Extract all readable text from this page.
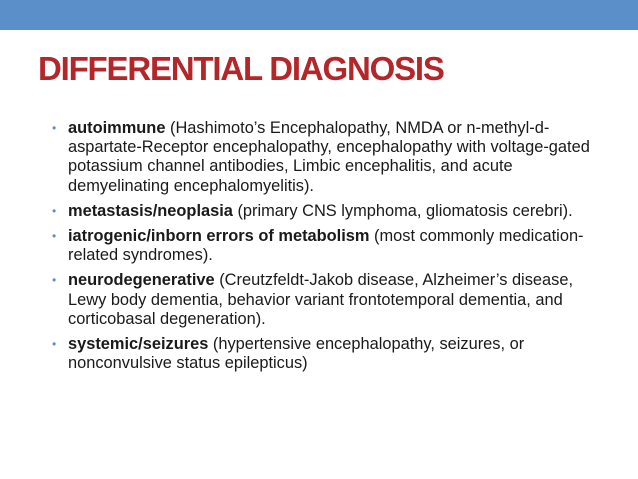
DIFFERENTIAL DIAGNOSIS
• autoimmune (Hashimoto’s Encephalopathy, NMDA or n-methyl-d-aspartate-Receptor encephalopathy, encephalopathy with voltage-gated potassium channel antibodies, Limbic encephalitis, and acute demyelinating encephalomyelitis).
• metastasis/neoplasia (primary CNS lymphoma, gliomatosis cerebri).
• iatrogenic/inborn errors of metabolism (most commonly medication-related syndromes).
• neurodegenerative (Creutzfeldt-Jakob disease, Alzheimer’s disease, Lewy body dementia, behavior variant frontotemporal dementia, and corticobasal degeneration).
• systemic/seizures (hypertensive encephalopathy, seizures, or nonconvulsive status epilepticus)
